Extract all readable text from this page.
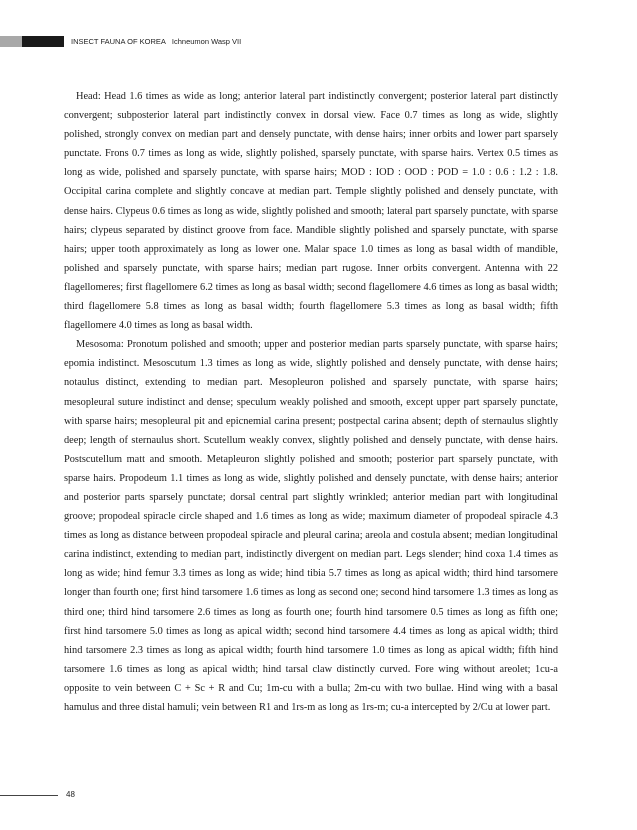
INSECT FAUNA OF KOREA Ichneumon Wasp VII

Head: Head 1.6 times as wide as long; anterior lateral part indistinctly convergent; posterior lateral part distinctly convergent; subposterior lateral part indistinctly convex in dorsal view. Face 0.7 times as long as wide, slightly polished, strongly convex on median part and densely punctate, with dense hairs; inner orbits and lower part sparsely punctate. Frons 0.7 times as long as wide, slightly polished, sparsely punctate, with sparse hairs. Vertex 0.5 times as long as wide, polished and sparsely punctate, with sparse hairs; MOD : IOD : OOD : POD = 1.0 : 0.6 : 1.2 : 1.8. Occipital carina complete and slightly concave at median part. Temple slightly polished and densely punctate, with dense hairs. Clypeus 0.6 times as long as wide, slightly polished and smooth; lateral part sparsely punctate, with sparse hairs; clypeus separated by distinct groove from face. Mandible slightly polished and sparsely punctate, with sparse hairs; upper tooth approximately as long as lower one. Malar space 1.0 times as long as basal width of mandible, polished and sparsely punctate, with sparse hairs; median part rugose. Inner orbits convergent. Antenna with 22 flagellomeres; first flagellomere 6.2 times as long as basal width; second flagellomere 4.6 times as long as basal width; third flagellomere 5.8 times as long as basal width; fourth flagellomere 5.3 times as long as basal width; fifth flagellomere 4.0 times as long as basal width.

Mesosoma: Pronotum polished and smooth; upper and posterior median parts sparsely punctate, with sparse hairs; epomia indistinct. Mesoscutum 1.3 times as long as wide, slightly polished and densely punctate, with dense hairs; notaulus distinct, extending to median part. Mesopleuron polished and sparsely punctate, with sparse hairs; mesopleural suture indistinct and dense; speculum weakly polished and smooth, except upper part sparsely punctate, with sparse hairs; mesopleural pit and epicnemial carina present; postpectal carina absent; depth of sternaulus slightly deep; length of sternaulus short. Scutellum weakly convex, slightly polished and densely punctate, with dense hairs. Postscutellum matt and smooth. Metapleuron slightly polished and smooth; posterior part sparsely punctate, with sparse hairs. Propodeum 1.1 times as long as wide, slightly polished and densely punctate, with dense hairs; anterior and posterior parts sparsely punctate; dorsal central part slightly wrinkled; anterior median part with longitudinal groove; propodeal spiracle circle shaped and 1.6 times as long as wide; maximum diameter of propodeal spiracle 4.3 times as long as distance between propodeal spiracle and pleural carina; areola and costula absent; median longitudinal carina indistinct, extending to median part, indistinctly divergent on median part. Legs slender; hind coxa 1.4 times as long as wide; hind femur 3.3 times as long as wide; hind tibia 5.7 times as long as apical width; third hind tarsomere longer than fourth one; first hind tarsomere 1.6 times as long as second one; second hind tarsomere 1.3 times as long as third one; third hind tarsomere 2.6 times as long as fourth one; fourth hind tarsomere 0.5 times as long as fifth one; first hind tarsomere 5.0 times as long as apical width; second hind tarsomere 4.4 times as long as apical width; third hind tarsomere 2.3 times as long as apical width; fourth hind tarsomere 1.0 times as long as apical width; fifth hind tarsomere 1.6 times as long as apical width; hind tarsal claw distinctly curved. Fore wing without areolet; 1cu-a opposite to vein between C + Sc + R and Cu; 1m-cu with a bulla; 2m-cu with two bullae. Hind wing with a basal hamulus and three distal hamuli; vein between R1 and 1rs-m as long as 1rs-m; cu-a intercepted by 2/Cu at lower part.

48
